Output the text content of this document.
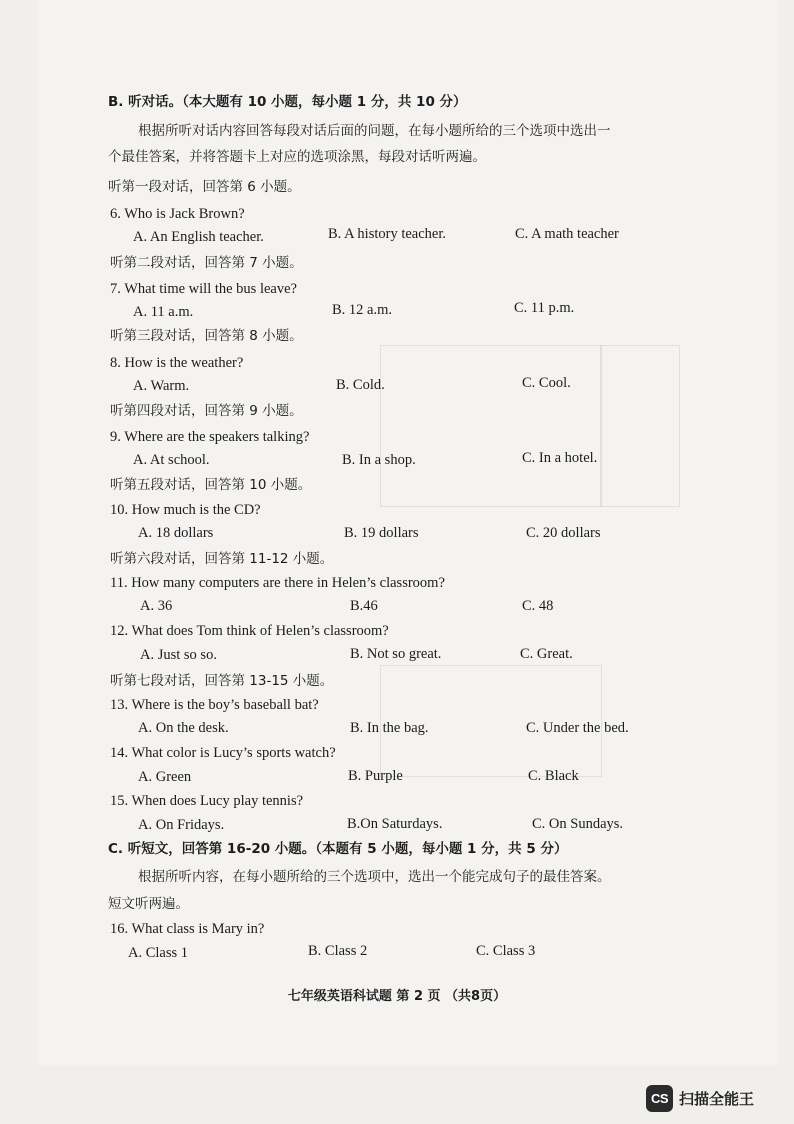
B. 听对话。（本大题有 10 小题，每小题 1 分，共 10 分）
根据所听对话内容回答每段对话后面的问题，在每小题所给的三个选项中选出一
个最佳答案，并将答题卡上对应的选项涂黑，每段对话听两遍。
听第一段对话，回答第 6 小题。
6. Who is Jack Brown?
A. An English teacher.	B. A history teacher.	C. A math teacher
听第二段对话，回答第 7 小题。
7. What time will the bus leave?
A. 11 a.m.	B. 12 a.m.	C. 11 p.m.
听第三段对话，回答第 8 小题。
8. How is the weather?
A. Warm.	B. Cold.	C. Cool.
听第四段对话，回答第 9 小题。
9. Where are the speakers talking?
A. At school.	B. In a shop.	C. In a hotel.
听第五段对话，回答第 10 小题。
10. How much is the CD?
A. 18 dollars	B. 19 dollars	C. 20 dollars
听第六段对话，回答第 11-12 小题。
11. How many computers are there in Helen’s classroom?
A. 36	B.46	C. 48
12. What does Tom think of Helen’s classroom?
A. Just so so.	B. Not so great.	C. Great.
听第七段对话，回答第 13-15 小题。
13. Where is the boy’s baseball bat?
A. On the desk.	B. In the bag.	C. Under the bed.
14. What color is Lucy’s sports watch?
A. Green	B. Purple	C. Black
15. When does Lucy play tennis?
A. On Fridays.	B.On Saturdays.	C. On Sundays.
C. 听短文，回答第 16-20 小题。（本题有 5 小题，每小题 1 分，共 5 分）
根据所听内容，在每小题所给的三个选项中，选出一个能完成句子的最佳答案。
短文听两遍。
16. What class is Mary in?
A. Class 1	B. Class 2	C. Class 3
七年级英语科试题 第 2 页 （共8页）
CS 扫描全能王
